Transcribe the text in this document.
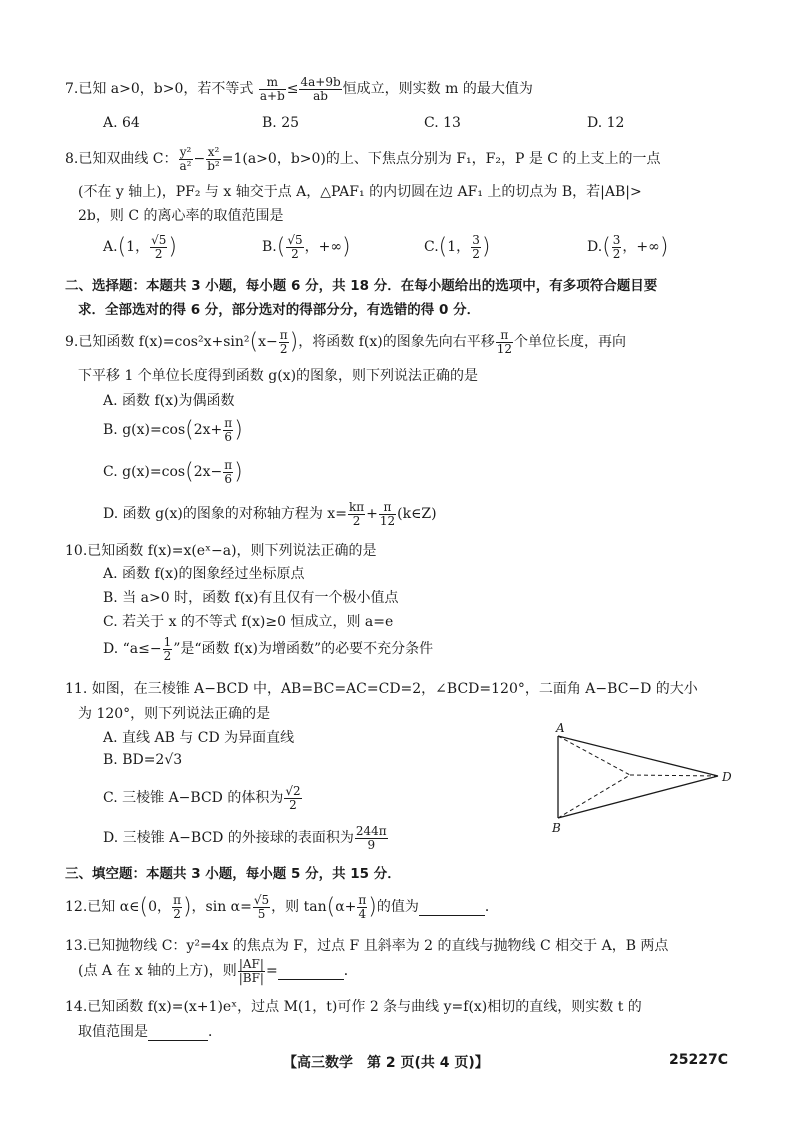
7.已知 a>0，b>0，若不等式 $\frac{m}{a+b} \le \frac{4a+9b}{ab}$ 恒成立，则实数 m 的最大值为
A. 64	B. 25	C. 13	D. 12
8.已知双曲线 C： $\frac{\text{y²}}{\text{a²}} - \frac{\text{x²}}{\text{b²}} =1(a>0$，b>0)的上、下焦点分别为 F₁，F₂，P 是 C 的上支上的一点
(不在 y 轴上)，PF₂ 与 x 轴交于点 A，△PAF₁ 的内切圆在边 AF₁ 上的切点为 B，若|AB|>
2b，则 C 的离心率的取值范围是
A.(1， $\frac{√5}{2}$ )	$B.( \frac{√5}{2}$ ，+∞)	C.(1， $\frac{3}{2}$ )	$D.( \frac{3}{2}$ ，+∞)
二、选择题：本题共 3 小题，每小题 6 分，共 18 分．在每小题给出的选项中，有多项符合题目要
求．全部选对的得 6 分，部分选对的得部分分，有选错的得 0 分．
9.已知函数 $f(x)=\cos^2x+\sin^2(x- \frac{\pi}{2}$ )，将函数 f(x)的图象先向右平移 $\frac{\pi}{12}$ 个单位长度，再向
下平移 1 个单位长度得到函数 g(x)的图象，则下列说法正确的是
A. 函数 f(x)为偶函数
B. $g(x)=\cos(2x+ \frac{\pi}{6}$ )
C. $g(x)=\cos(2x- \frac{\pi}{6}$ )
D. 函数 g(x)的图象的对称轴方程为 $x= \frac{k\pi}{2} + \frac{\pi}{12}$ (k∈Z)
10.已知函数 f(x)=x(eˣ−a)，则下列说法正确的是
A. 函数 f(x)的图象经过坐标原点
B. 当 a>0 时，函数 f(x)有且仅有一个极小值点
C. 若关于 x 的不等式 f(x)≥0 恒成立，则 a=e
D. “$a\le- \frac{1}{2}$ ”是“函数 f(x)为增函数”的必要不充分条件
11. 如图，在三棱锥 A−BCD 中，AB=BC=AC=CD=2，∠BCD=120°，二面角 A−BC−D 的大小
为 120°，则下列说法正确的是
A. 直线 AB 与 CD 为异面直线
B. BD=2√3
C. 三棱锥 A−BCD 的体积为 $\frac{√2}{2}$
D. 三棱锥 A−BCD 的外接球的表面积为 $\frac{244\pi}{9}$
A
B
D
三、填空题：本题共 3 小题，每小题 5 分，共 15 分．
12.已知 α∈(0， $\frac{\pi}{2}$ )，$\sin \alpha= \frac{√5}{5}$ ，则 $\tan(\alpha+ \frac{\pi}{4}$ )的值为	．
13.已知抛物线 C：y²=4x 的焦点为 F，过点 F 且斜率为 2 的直线与抛物线 C 相交于 A，B 两点
(点 A 在 x 轴的上方)，则 $\frac{|AF|}{|BF|}$ =	．
14.已知函数 f(x)=(x+1)eˣ，过点 M(1，t)可作 2 条与曲线 y=f(x)相切的直线，则实数 t 的
取值范围是	．
【高三数学　第 2 页(共 4 页)】	25227C
